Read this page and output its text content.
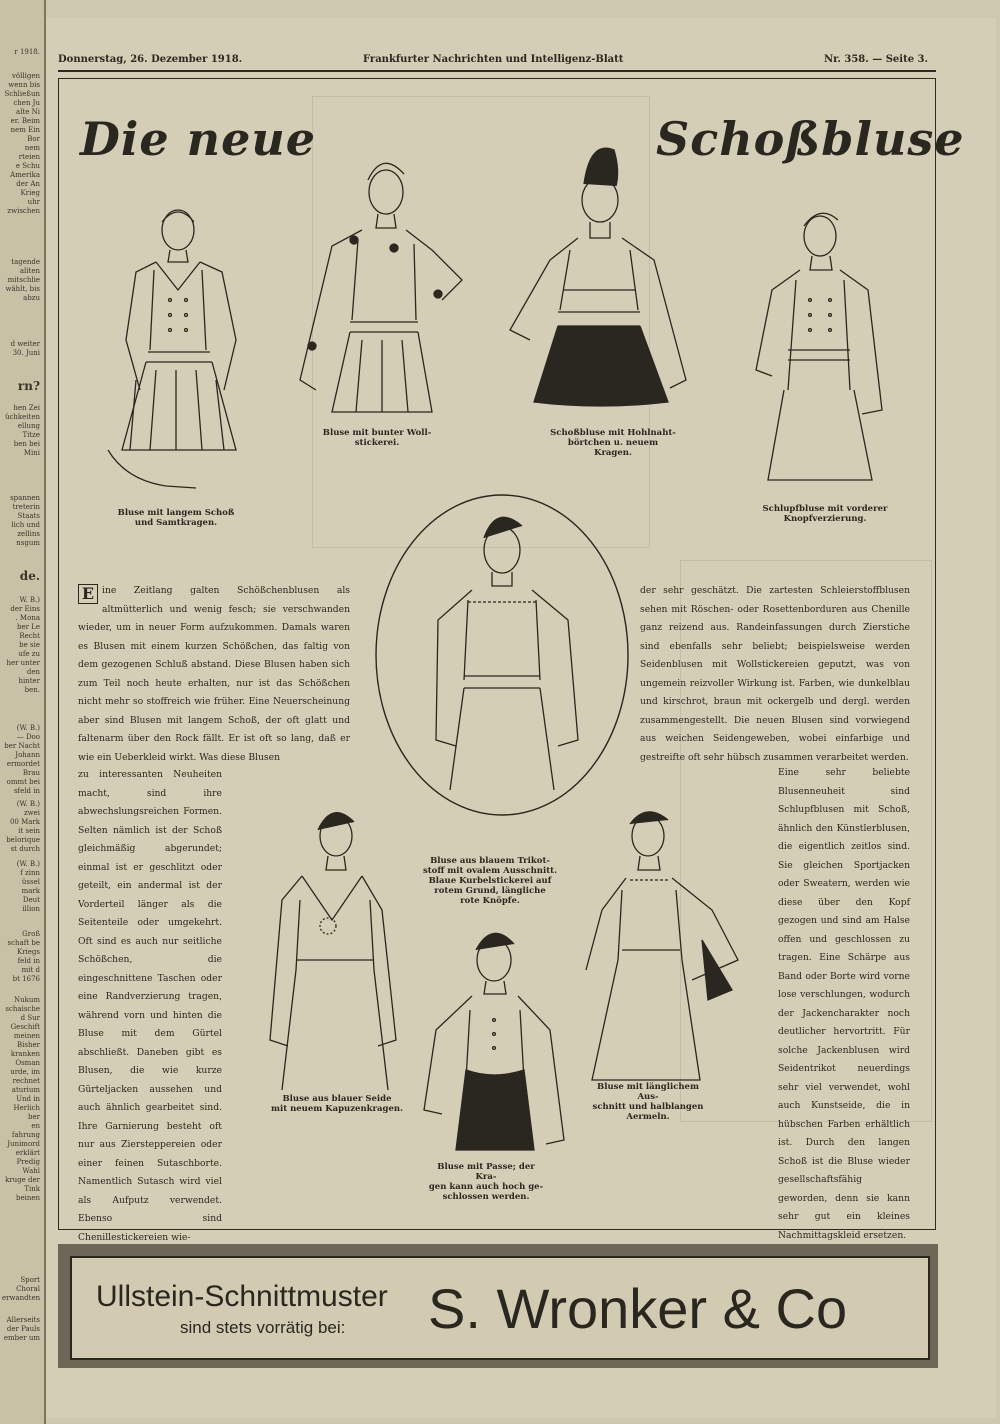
r 1918.
völligen
wenn bis
Schließun
chen Ju
alte Ni
er. Beim
nem Ein
Bor
nem
rteien
e Schu
Amerika
der An
Krieg
uhr
zwischen
tagende
aliten
mitschlie
wählt, bis
abzu
d weiter
30. Juni
rn?
hen Zei
üchkeiten
ellung
Titze
ben bei
Mini
spannen
treterin
Staats
lich und
zellins
nsgum
de.
W. B.)
der Eins
. Mona
ber Le
Recht
be sie
ufe zu
her unter
den
hinter
ben.
(W. B.)
— Doo
ber Nacht
Johann
ermordet
Brau
ommt bei
sfeld in
(W. B.)
zwei
00 Mark
it sein
belorique
st durch
(W. B.)
f zinn
üssel
mark
Deut
illion
Groß
schaft be
Kriegs
feld in
mit d
bt 1676
Nukum
schaische
d Sur
Geschift
meinen
Bisher
kranken
Osman
urde, im
rechnet
aturium
Und in
Herlich
ber
en
fahrung
Junimord
erklärt
Predig
Wahl
kruge der
Tink
beinen
Sport
Choral
erwandten
Allerseits
der Pauls
ember um
Donnerstag, 26. Dezember 1918.	Frankfurter Nachrichten und Intelligenz-Blatt	Nr. 358. — Seite 3.
Die neue	Schoßbluse
Bluse mit langem Schoß
und Samtkragen.
Bluse mit bunter Woll-
stickerei.
Schoßbluse mit Hohlnaht-
börtchen u. neuem Kragen.
Schlupfbluse mit vorderer
Knopfverzierung.
Bluse aus blauem Trikot-
stoff mit ovalem Ausschnitt.
Blaue Kurbelstickerei auf
rotem Grund, längliche
rote Knöpfe.
Bluse aus blauer Seide
mit neuem Kapuzenkragen.
Bluse mit Passe; der Kra-
gen kann auch hoch ge-
schlossen werden.
Bluse mit länglichem Aus-
schnitt und halblangen
Aermeln.
E ine Zeitlang galten Schößchenblusen als altmütterlich und wenig fesch; sie verschwanden wieder, um in neuer Form aufzukommen. Damals waren es Blusen mit einem kurzen Schößchen, das faltig von dem gezogenen Schluß abstand. Diese Blusen haben sich zum Teil noch heute erhalten, nur ist das Schößchen nicht mehr so stoffreich wie früher. Eine Neuerscheinung aber sind Blusen mit langem Schoß, der oft glatt und faltenarm über den Rock fällt. Er ist oft so lang, daß er wie ein Ueberkleid wirkt. Was diese Blusen
zu interessanten Neuheiten macht, sind ihre abwechslungsreichen Formen. Selten nämlich ist der Schoß gleichmäßig abgerundet; einmal ist er geschlitzt oder geteilt, ein andermal ist der Vorderteil länger als die Seitenteile oder umgekehrt. Oft sind es auch nur seitliche Schößchen, die eingeschnittene Taschen oder eine Randverzierung tragen, während vorn und hinten die Bluse mit dem Gürtel abschließt. Daneben gibt es Blusen, die wie kurze Gürteljacken aussehen und auch ähnlich gearbeitet sind. Ihre Garnierung besteht oft nur aus Ziersteppereien oder einer feinen Sutaschborte. Namentlich Sutasch wird viel als Aufputz verwendet. Ebenso sind Chenillestickereien wie-
der sehr geschätzt. Die zartesten Schleierstoffblusen sehen mit Röschen- oder Rosettenborduren aus Chenille ganz reizend aus. Randeinfassungen durch Zierstiche sind ebenfalls sehr beliebt; beispielsweise werden Seidenblusen mit Wollstickereien geputzt, was von ungemein reizvoller Wirkung ist. Farben, wie dunkelblau und kirschrot, braun mit ockergelb und dergl. werden zusammengestellt. Die neuen Blusen sind vorwiegend aus weichen Seidengeweben, wobei einfarbige und gestreifte oft sehr hübsch zusammen verarbeitet werden.
Eine sehr beliebte Blusenneuheit sind Schlupfblusen mit Schoß, ähnlich den Künstlerblusen, die eigentlich zeitlos sind. Sie gleichen Sportjacken oder Sweatern, werden wie diese über den Kopf gezogen und sind am Halse offen und geschlossen zu tragen. Eine Schärpe aus Band oder Borte wird vorne lose verschlungen, wodurch der Jackencharakter noch deutlicher hervortritt. Für solche Jackenblusen wird Seidentrikot neuerdings sehr viel verwendet, wohl auch Kunstseide, die in hübschen Farben erhältlich ist. Durch den langen Schoß ist die Bluse wieder gesellschaftsfähig geworden, denn sie kann sehr gut ein kleines Nachmittagskleid ersetzen.
Ullstein-Schnittmuster
sind stets vorrätig bei: S. Wronker & Co
